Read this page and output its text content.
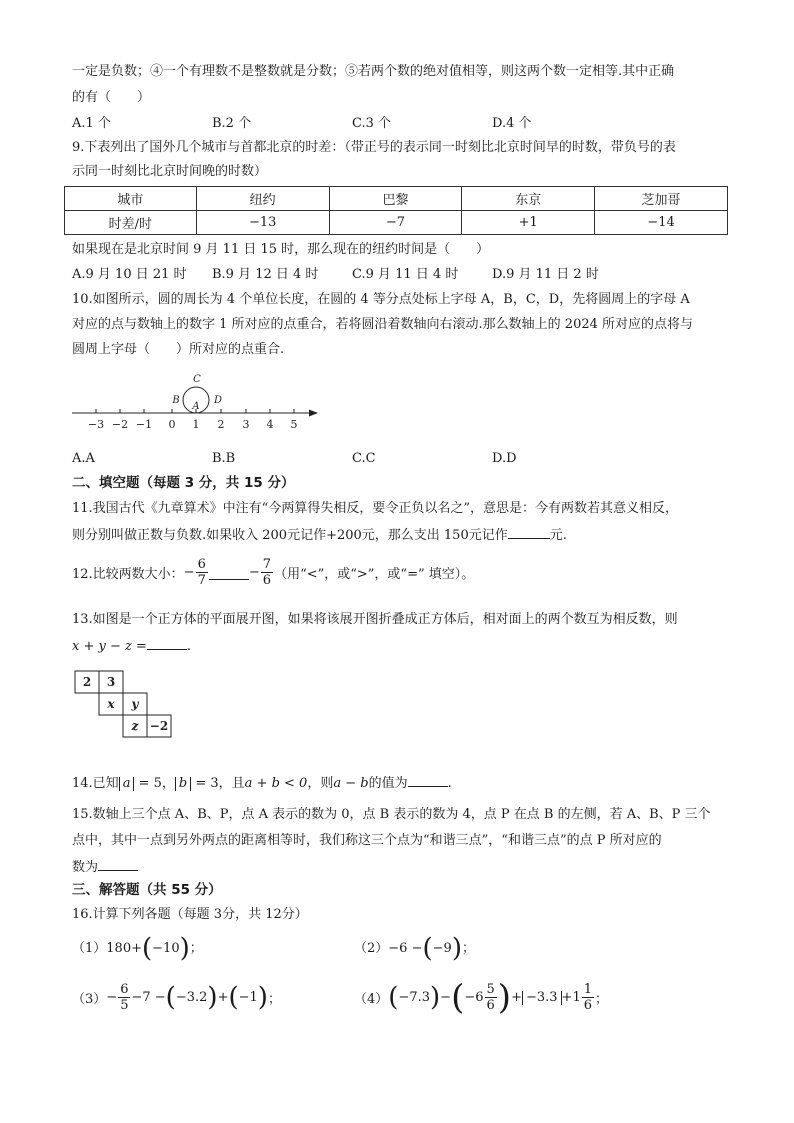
一定是负数；④一个有理数不是整数就是分数；⑤若两个数的绝对值相等，则这两个数一定相等.其中正确
的有（　　）
A.1 个	B.2 个	C.3 个	D.4 个
9.下表列出了国外几个城市与首都北京的时差：（带正号的表示同一时刻比北京时间早的时数，带负号的表
示同一时刻比北京时间晚的时数）
城市	纽约	巴黎	东京	芝加哥
时差/时	−13	−7	+1	−14
如果现在是北京时间 9 月 11 日 15 时，那么现在的纽约时间是（　　）
A.9 月 10 日 21 时 B.9 月 12 日 4 时	C.9 月 11 日 4 时	D.9 月 11 日 2 时
10.如图所示，圆的周长为 4 个单位长度，在圆的 4 等分点处标上字母 A，B，C，D，先将圆周上的字母 A
对应的点与数轴上的数字 1 所对应的点重合，若将圆沿着数轴向右滚动.那么数轴上的 2024 所对应的点将与
圆周上字母（　　）所对应的点重合.
−3 −2 −1 0 1 2 3 4 5
A
B
C
D
A.A	B.B	C.C	D.D
二、填空题（每题 3 分，共 15 分）
11.我国古代《九章算术》中注有“今两算得失相反，要令正负以名之”，意思是：今有两数若其意义相反，
则分别叫做正数与负数.如果收入 200元记作+200元，那么支出 150元记作	元.
12.比较两数大小：− $\frac{6}{7}$	− $\frac{7}{6}$ （用“<”，或“>”，或“=” 填空）。
13.如图是一个正方体的平面展开图，如果将该展开图折叠成正方体后，相对面上的两个数互为相反数，则
x + y − z =	.
2 3
x y
z −2
14.已知 a = 5， b = 3，且a + b < 0，则a − b的值为	.
15.数轴上三个点 A、B、P，点 A 表示的数为 0，点 B 表示的数为 4，点 P 在点 B 的左侧，若 A、B、P 三个
点中，其中一点到另外两点的距离相等时，我们称这三个点为“和谐三点”，“和谐三点”的点 P 所对应的
数为
三、解答题（共 55 分）
16.计算下列各题（每题 3分，共 12分）
（1）180+(−10)；	（2）−6 −(−9)；
$(3)- \frac{6}{5} -7 -(-3.2)+(-1)$；	$(4)(-7.3)-(-6 \frac{5}{6}$ )+ $-3.3 +1 \frac{1}{6}$ ；
